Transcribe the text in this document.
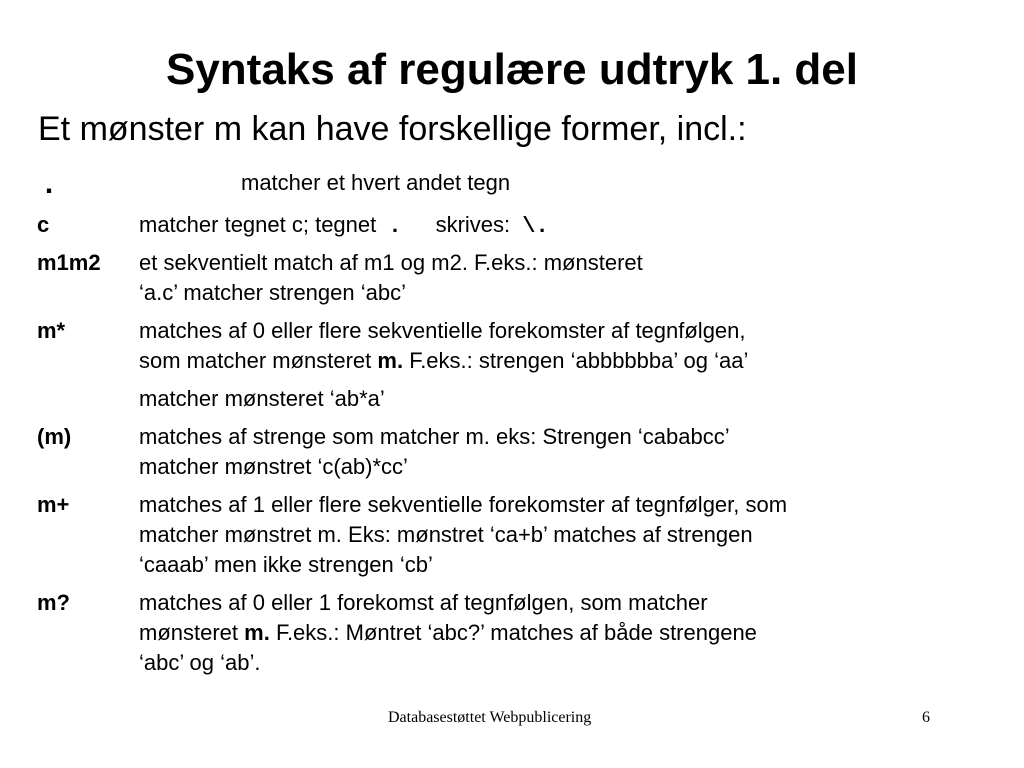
Syntaks af regulære udtryk 1. del
Et mønster m kan have forskellige former, incl.:
.	matcher et hvert andet tegn
c	matcher tegnet c; tegnet . skrives: \.
m1m2 et sekventielt match af m1 og m2. F.eks.: mønsteret
‘a.c’ matcher strengen ‘abc’
m*	matches af 0 eller flere sekventielle forekomster af tegnfølgen,
som matcher mønsteret m. F.eks.: strengen ‘abbbbbba’ og ‘aa’
matcher mønsteret ‘ab*a’
(m)	matches af strenge som matcher m. eks: Strengen ‘cababcc’
matcher mønstret ‘c(ab)*cc’
m+	matches af 1 eller flere sekventielle forekomster af tegnfølger, som
matcher mønstret m. Eks: mønstret ‘ca+b’ matches af strengen
‘caaab’ men ikke strengen ‘cb’
m?	matches af 0 eller 1 forekomst af tegnfølgen, som matcher
mønsteret m. F.eks.: Møntret ‘abc?’ matches af både strengene
‘abc’ og ‘ab’.
Databasestøttet Webpublicering	6
